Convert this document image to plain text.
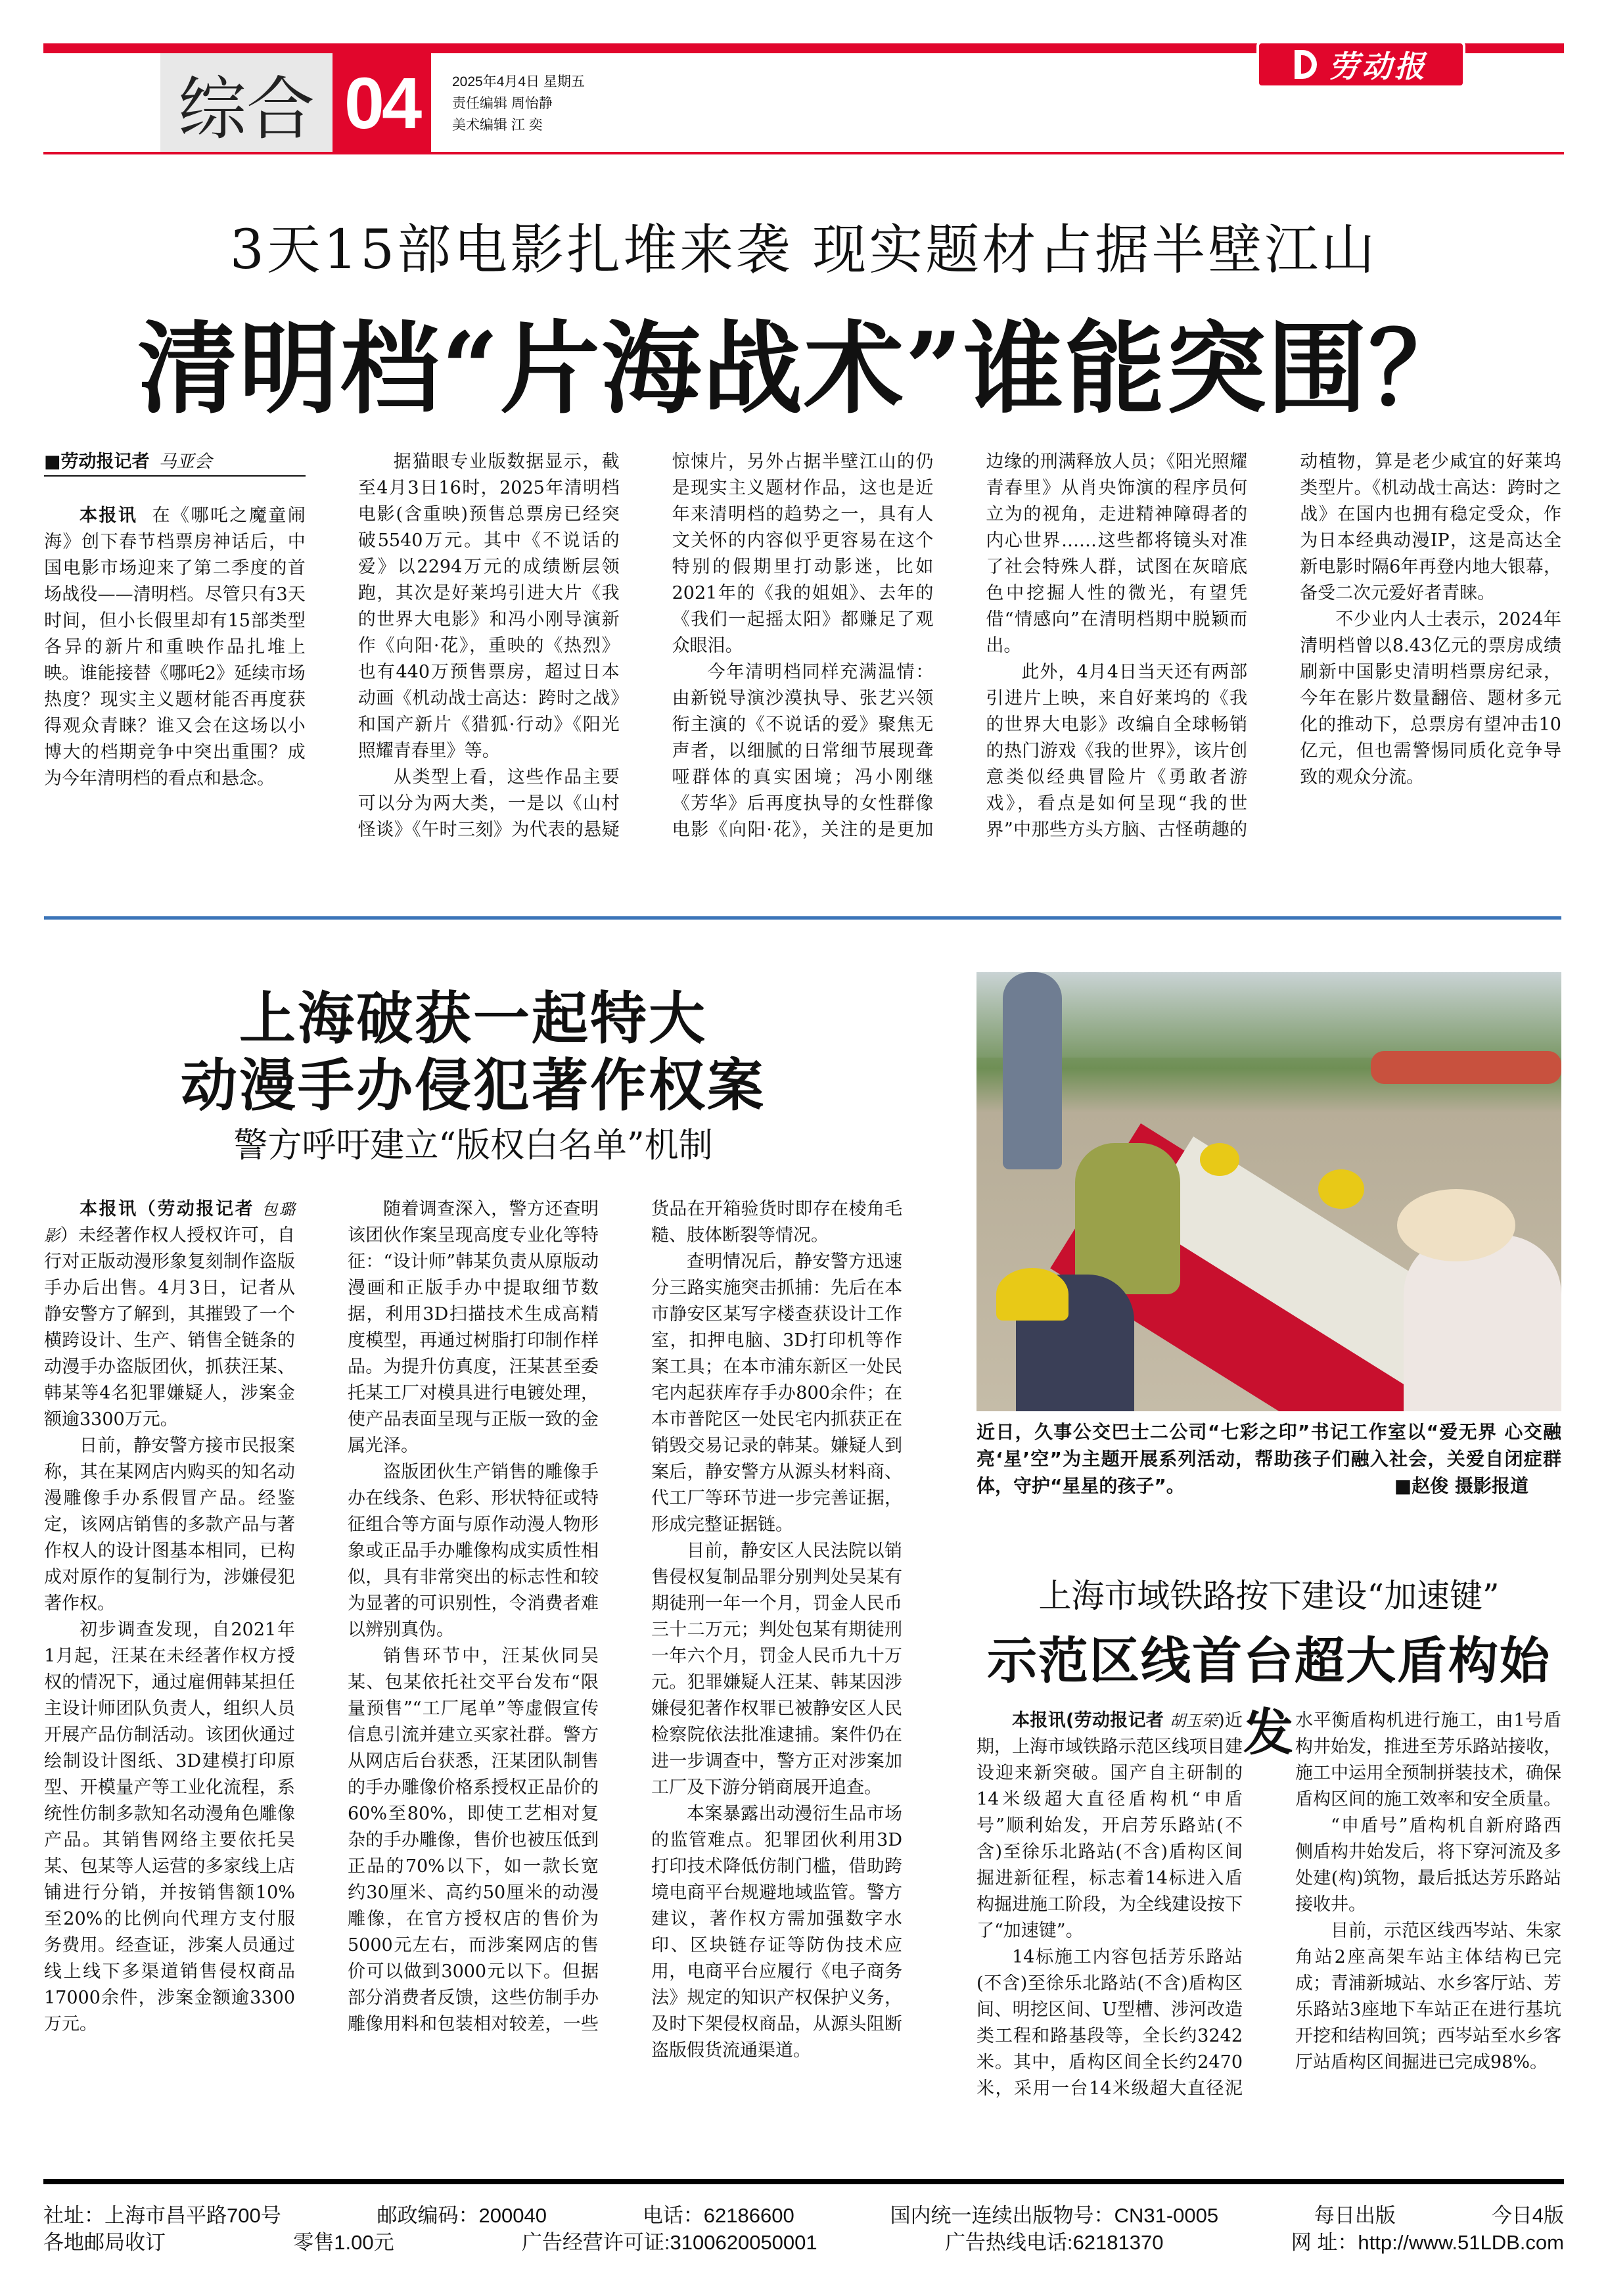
劳动报
综合 04	2025年4月4日 星期五
责任编辑 周怡静
美术编辑 江 奕
3天15部电影扎堆来袭 现实题材占据半壁江山
清明档“片海战术”谁能突围？
■劳动报记者 马亚会

本报讯 在《哪吒之魔童闹海》创下春节档票房神话后，中国电影市场迎来了第二季度的首场战役——清明档。尽管只有3天时间，但小长假里却有15部类型各异的新片和重映作品扎堆上映。谁能接替《哪吒2》延续市场热度？现实主义题材能否再度获得观众青睐？谁又会在这场以小博大的档期竞争中突出重围？成为今年清明档的看点和悬念。

据猫眼专业版数据显示，截至4月3日16时，2025年清明档电影(含重映)预售总票房已经突破5540万元。其中《不说话的爱》以2294万元的成绩断层领跑，其次是好莱坞引进大片《我的世界大电影》和冯小刚导演新作《向阳·花》，重映的《热烈》也有440万预售票房，超过日本动画《机动战士高达：跨时之战》和国产新片《猎狐·行动》《阳光照耀青春里》等。

从类型上看，这些作品主要可以分为两大类，一是以《山村怪谈》《午时三刻》为代表的悬疑惊悚片，另外占据半壁江山的仍是现实主义题材作品，这也是近年来清明档的趋势之一，具有人文关怀的内容似乎更容易在这个特别的假期里打动影迷，比如2021年的《我的姐姐》、去年的《我们一起摇太阳》都赚足了观众眼泪。

今年清明档同样充满温情：由新锐导演沙漠执导、张艺兴领衔主演的《不说话的爱》聚焦无声者，以细腻的日常细节展现聋哑群体的真实困境；冯小刚继《芳华》后再度执导的女性群像电影《向阳·花》，关注的是更加边缘的刑满释放人员；《阳光照耀青春里》从肖央饰演的程序员何立为的视角，走进精神障碍者的内心世界……这些都将镜头对准了社会特殊人群，试图在灰暗底色中挖掘人性的微光，有望凭借“情感向”在清明档期中脱颖而出。

此外，4月4日当天还有两部引进片上映，来自好莱坞的《我的世界大电影》改编自全球畅销的热门游戏《我的世界》，该片创意类似经典冒险片《勇敢者游戏》，看点是如何呈现“我的世界”中那些方头方脑、古怪萌趣的动植物，算是老少咸宜的好莱坞类型片。《机动战士高达：跨时之战》在国内也拥有稳定受众，作为日本经典动漫IP，这是高达全新电影时隔6年再登内地大银幕，备受二次元爱好者青睐。

不少业内人士表示，2024年清明档曾以8.43亿元的票房成绩刷新中国影史清明档票房纪录，今年在影片数量翻倍、题材多元化的推动下，总票房有望冲击10亿元，但也需警惕同质化竞争导致的观众分流。

上海破获一起特大
动漫手办侵犯著作权案
警方呼吁建立“版权白名单”机制

本报讯（劳动报记者 包璐影）未经著作权人授权许可，自行对正版动漫形象复刻制作盗版手办后出售。4月3日，记者从静安警方了解到，其摧毁了一个横跨设计、生产、销售全链条的动漫手办盗版团伙，抓获汪某、韩某等4名犯罪嫌疑人，涉案金额逾3300万元。

日前，静安警方接市民报案称，其在某网店内购买的知名动漫雕像手办系假冒产品。经鉴定，该网店销售的多款产品与著作权人的设计图基本相同，已构成对原作的复制行为，涉嫌侵犯著作权。

初步调查发现，自2021年1月起，汪某在未经著作权方授权的情况下，通过雇佣韩某担任主设计师团队负责人，组织人员开展产品仿制活动。该团伙通过绘制设计图纸、3D建模打印原型、开模量产等工业化流程，系统性仿制多款知名动漫角色雕像产品。其销售网络主要依托吴某、包某等人运营的多家线上店铺进行分销，并按销售额10%至20%的比例向代理方支付服务费用。经查证，涉案人员通过线上线下多渠道销售侵权商品17000余件，涉案金额逾3300万元。

随着调查深入，警方还查明该团伙作案呈现高度专业化等特征：“设计师”韩某负责从原版动漫画和正版手办中提取细节数据，利用3D扫描技术生成高精度模型，再通过树脂打印制作样品。为提升仿真度，汪某甚至委托某工厂对模具进行电镀处理，使产品表面呈现与正版一致的金属光泽。

盗版团伙生产销售的雕像手办在线条、色彩、形状特征或特征组合等方面与原作动漫人物形象或正品手办雕像构成实质性相似，具有非常突出的标志性和较为显著的可识别性，令消费者难以辨别真伪。

销售环节中，汪某伙同吴某、包某依托社交平台发布“限量预售”“工厂尾单”等虚假宣传信息引流并建立买家社群。警方从网店后台获悉，汪某团队制售的手办雕像价格系授权正品价的60%至80%，即使工艺相对复杂的手办雕像，售价也被压低到正品的70%以下，如一款长宽约30厘米、高约50厘米的动漫雕像，在官方授权店的售价为5000元左右，而涉案网店的售价可以做到3000元以下。但据部分消费者反馈，这些仿制手办雕像用料和包装相对较差，一些货品在开箱验货时即存在棱角毛糙、肢体断裂等情况。

查明情况后，静安警方迅速分三路实施突击抓捕：先后在本市静安区某写字楼查获设计工作室，扣押电脑、3D打印机等作案工具；在本市浦东新区一处民宅内起获库存手办800余件；在本市普陀区一处民宅内抓获正在销毁交易记录的韩某。嫌疑人到案后，静安警方从源头材料商、代工厂等环节进一步完善证据，形成完整证据链。

目前，静安区人民法院以销售侵权复制品罪分别判处吴某有期徒刑一年一个月，罚金人民币三十二万元；判处包某有期徒刑一年六个月，罚金人民币九十万元。犯罪嫌疑人汪某、韩某因涉嫌侵犯著作权罪已被静安区人民检察院依法批准逮捕。案件仍在进一步调查中，警方正对涉案加工厂及下游分销商展开追查。

本案暴露出动漫衍生品市场的监管难点。犯罪团伙利用3D打印技术降低仿制门槛，借助跨境电商平台规避地域监管。警方建议，著作权方需加强数字水印、区块链存证等防伪技术应用，电商平台应履行《电子商务法》规定的知识产权保护义务，及时下架侵权商品，从源头阻断盗版假货流通渠道。

近日，久事公交巴士二公司“七彩之印”书记工作室以“爱无界 心交融 亮‘星’空”为主题开展系列活动，帮助孩子们融入社会，关爱自闭症群体，守护“星星的孩子”。	■赵俊 摄影报道
上海市域铁路按下建设“加速键”
示范区线首台超大盾构始发

本报讯(劳动报记者 胡玉荣)近期，上海市域铁路示范区线项目建设迎来新突破。国产自主研制的14米级超大直径盾构机“申盾号”顺利始发，开启芳乐路站(不含)至徐乐北路站(不含)盾构区间掘进新征程，标志着14标进入盾构掘进施工阶段，为全线建设按下了“加速键”。

14标施工内容包括芳乐路站(不含)至徐乐北路站(不含)盾构区间、明挖区间、U型槽、涉河改造类工程和路基段等，全长约3242米。其中，盾构区间全长约2470米，采用一台14米级超大直径泥水平衡盾构机进行施工，由1号盾构井始发，推进至芳乐路站接收，施工中运用全预制拼装技术，确保盾构区间的施工效率和安全质量。

“申盾号”盾构机自新府路西侧盾构井始发后，将下穿河流及多处建(构)筑物，最后抵达芳乐路站接收井。

目前，示范区线西岑站、朱家角站2座高架车站主体结构已完成；青浦新城站、水乡客厅站、芳乐路站3座地下车站正在进行基坑开挖和结构回筑；西岑站至水乡客厅站盾构区间掘进已完成98%。

社址：上海市昌平路700号	邮政编码：200040	电话：62186600	国内统一连续出版物号：CN31-0005	每日出版	今日4版
各地邮局收订	零售1.00元	广告经营许可证:3100620050001	广告热线电话:62181370	网 址：http://www.51LDB.com
